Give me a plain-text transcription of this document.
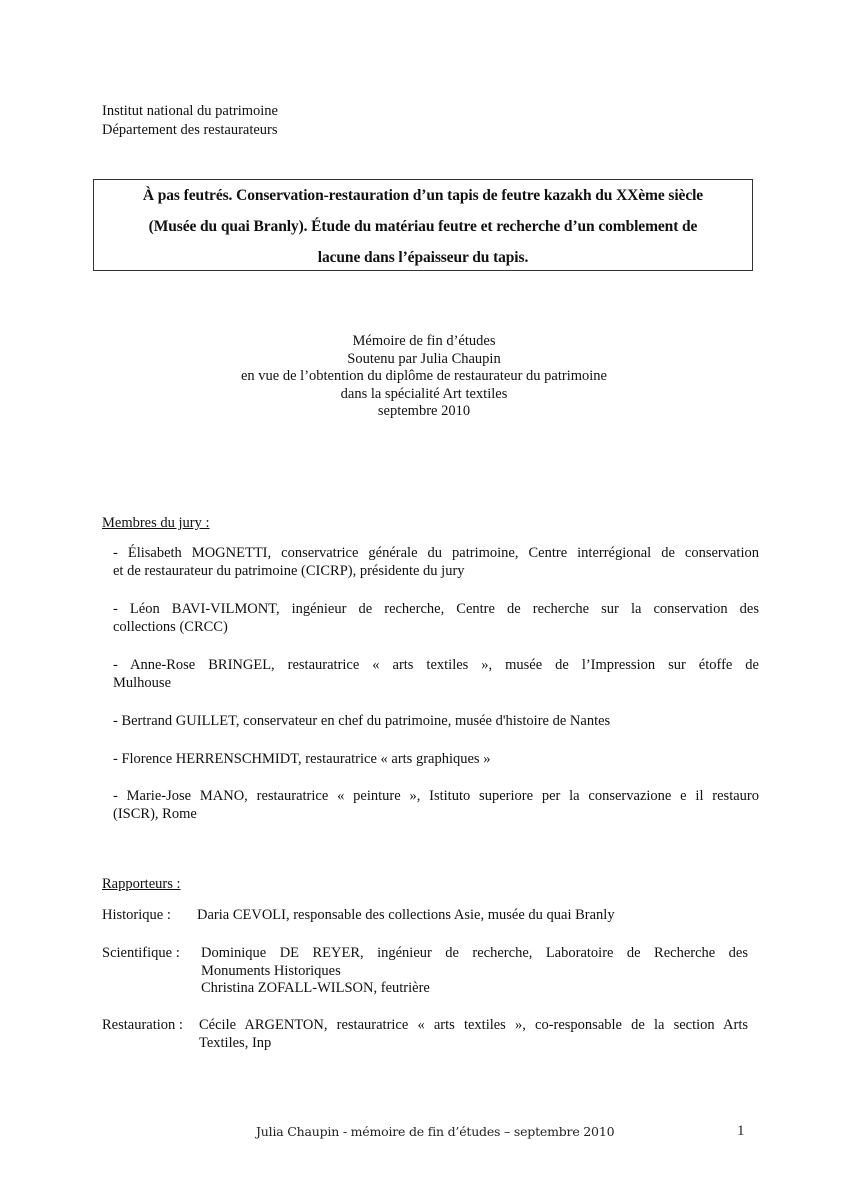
Institut national du patrimoine
Département des restaurateurs
À pas feutrés. Conservation-restauration d’un tapis de feutre kazakh du XXème siècle
(Musée du quai Branly). Étude du matériau feutre et recherche d’un comblement de
lacune dans l’épaisseur du tapis.
Mémoire de fin d’études
Soutenu par Julia Chaupin
en vue de l’obtention du diplôme de restaurateur du patrimoine
dans la spécialité Art textiles
septembre 2010
Membres du jury :
- Élisabeth MOGNETTI, conservatrice générale du patrimoine, Centre interrégional de conservation
et de restaurateur du patrimoine (CICRP), présidente du jury
- Léon BAVI-VILMONT, ingénieur de recherche, Centre de recherche sur la conservation des
collections (CRCC)
- Anne-Rose BRINGEL, restauratrice « arts textiles », musée de l’Impression sur étoffe de
Mulhouse
- Bertrand GUILLET, conservateur en chef du patrimoine, musée d'histoire de Nantes
- Florence HERRENSCHMIDT, restauratrice « arts graphiques »
- Marie-Jose MANO, restauratrice « peinture », Istituto superiore per la conservazione e il restauro
(ISCR), Rome
Rapporteurs :
Historique :	Daria CEVOLI, responsable des collections Asie, musée du quai Branly
Scientifique :	Dominique DE REYER, ingénieur de recherche, Laboratoire de Recherche des
Monuments Historiques
Christina ZOFALL-WILSON, feutrière
Restauration :	Cécile ARGENTON, restauratrice « arts textiles », co-responsable de la section Arts
Textiles, Inp
Julia Chaupin - mémoire de fin d’études – septembre 2010	1
